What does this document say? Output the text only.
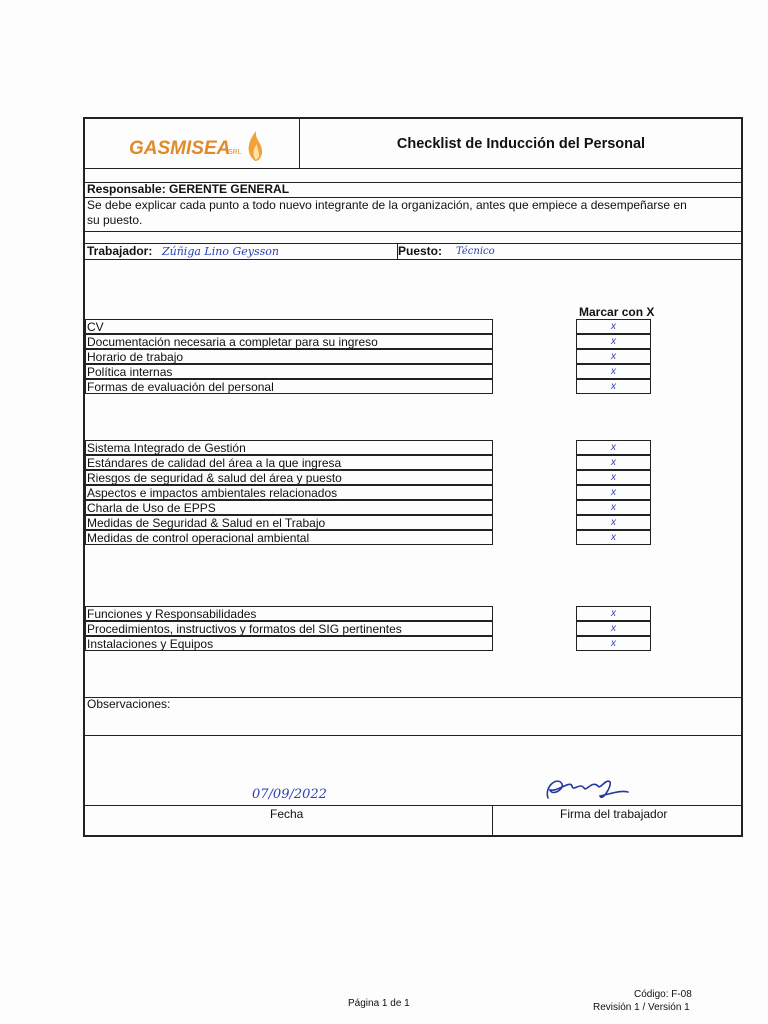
GASMISEA
SRL
Checklist de Inducción del Personal
Responsable: GERENTE GENERAL
Se debe explicar cada punto a todo nuevo integrante de la organización, antes que empiece a desempeñarse en
su puesto.
Trabajador: Zúñiga Lino Geysson	Puesto: Técnico
Marcar con X
CV
Documentación necesaria a completar para su ingreso
Horario de trabajo
Política internas
Formas de evaluación del personal
x
x
x
x
x
Sistema Integrado de Gestión
Estándares de calidad del área a la que ingresa
Riesgos de seguridad & salud del área y puesto
Aspectos e impactos ambientales relacionados
Charla de Uso de EPPS
Medidas de Seguridad & Salud en el Trabajo
Medidas de control operacional ambiental
x
x
x
x
x
x
x
Funciones y Responsabilidades
Procedimientos, instructivos y formatos del SIG pertinentes
Instalaciones y Equipos
x
x
x
Observaciones:
07/09/2022
Fecha	Firma del trabajador
Página 1 de 1
Código: F-08
Revisión 1 / Versión 1
